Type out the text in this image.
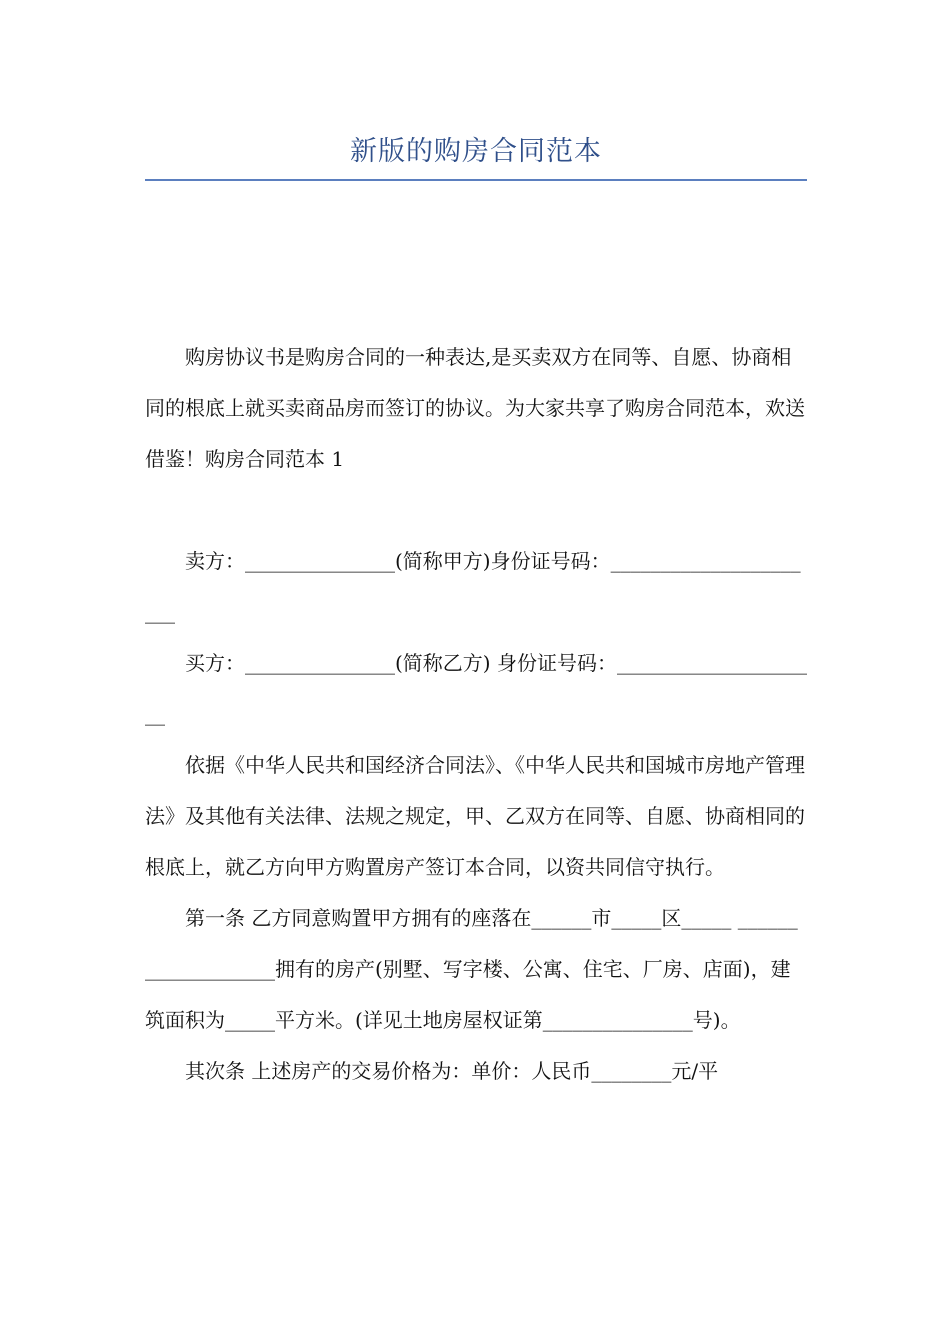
新版的购房合同范本

购房协议书是购房合同的一种表达,是买卖双方在同等、自愿、协商相同的根底上就买卖商品房而签订的协议。为大家共享了购房合同范本，欢送借鉴！购房合同范本 1

卖方：_______________(简称甲方)身份证号码：______________________

买方：_______________(简称乙方) 身份证号码：_____________________

依据《中华人民共和国经济合同法》、《中华人民共和国城市房地产管理法》及其他有关法律、法规之规定，甲、乙双方在同等、自愿、协商相同的根底上，就乙方向甲方购置房产签订本合同，以资共同信守执行。

第一条 乙方同意购置甲方拥有的座落在______市_____区_____ ___________________拥有的房产(别墅、写字楼、公寓、住宅、厂房、店面)，建筑面积为_____平方米。(详见土地房屋权证第_______________号)。

其次条 上述房产的交易价格为：单价：人民币________元/平
